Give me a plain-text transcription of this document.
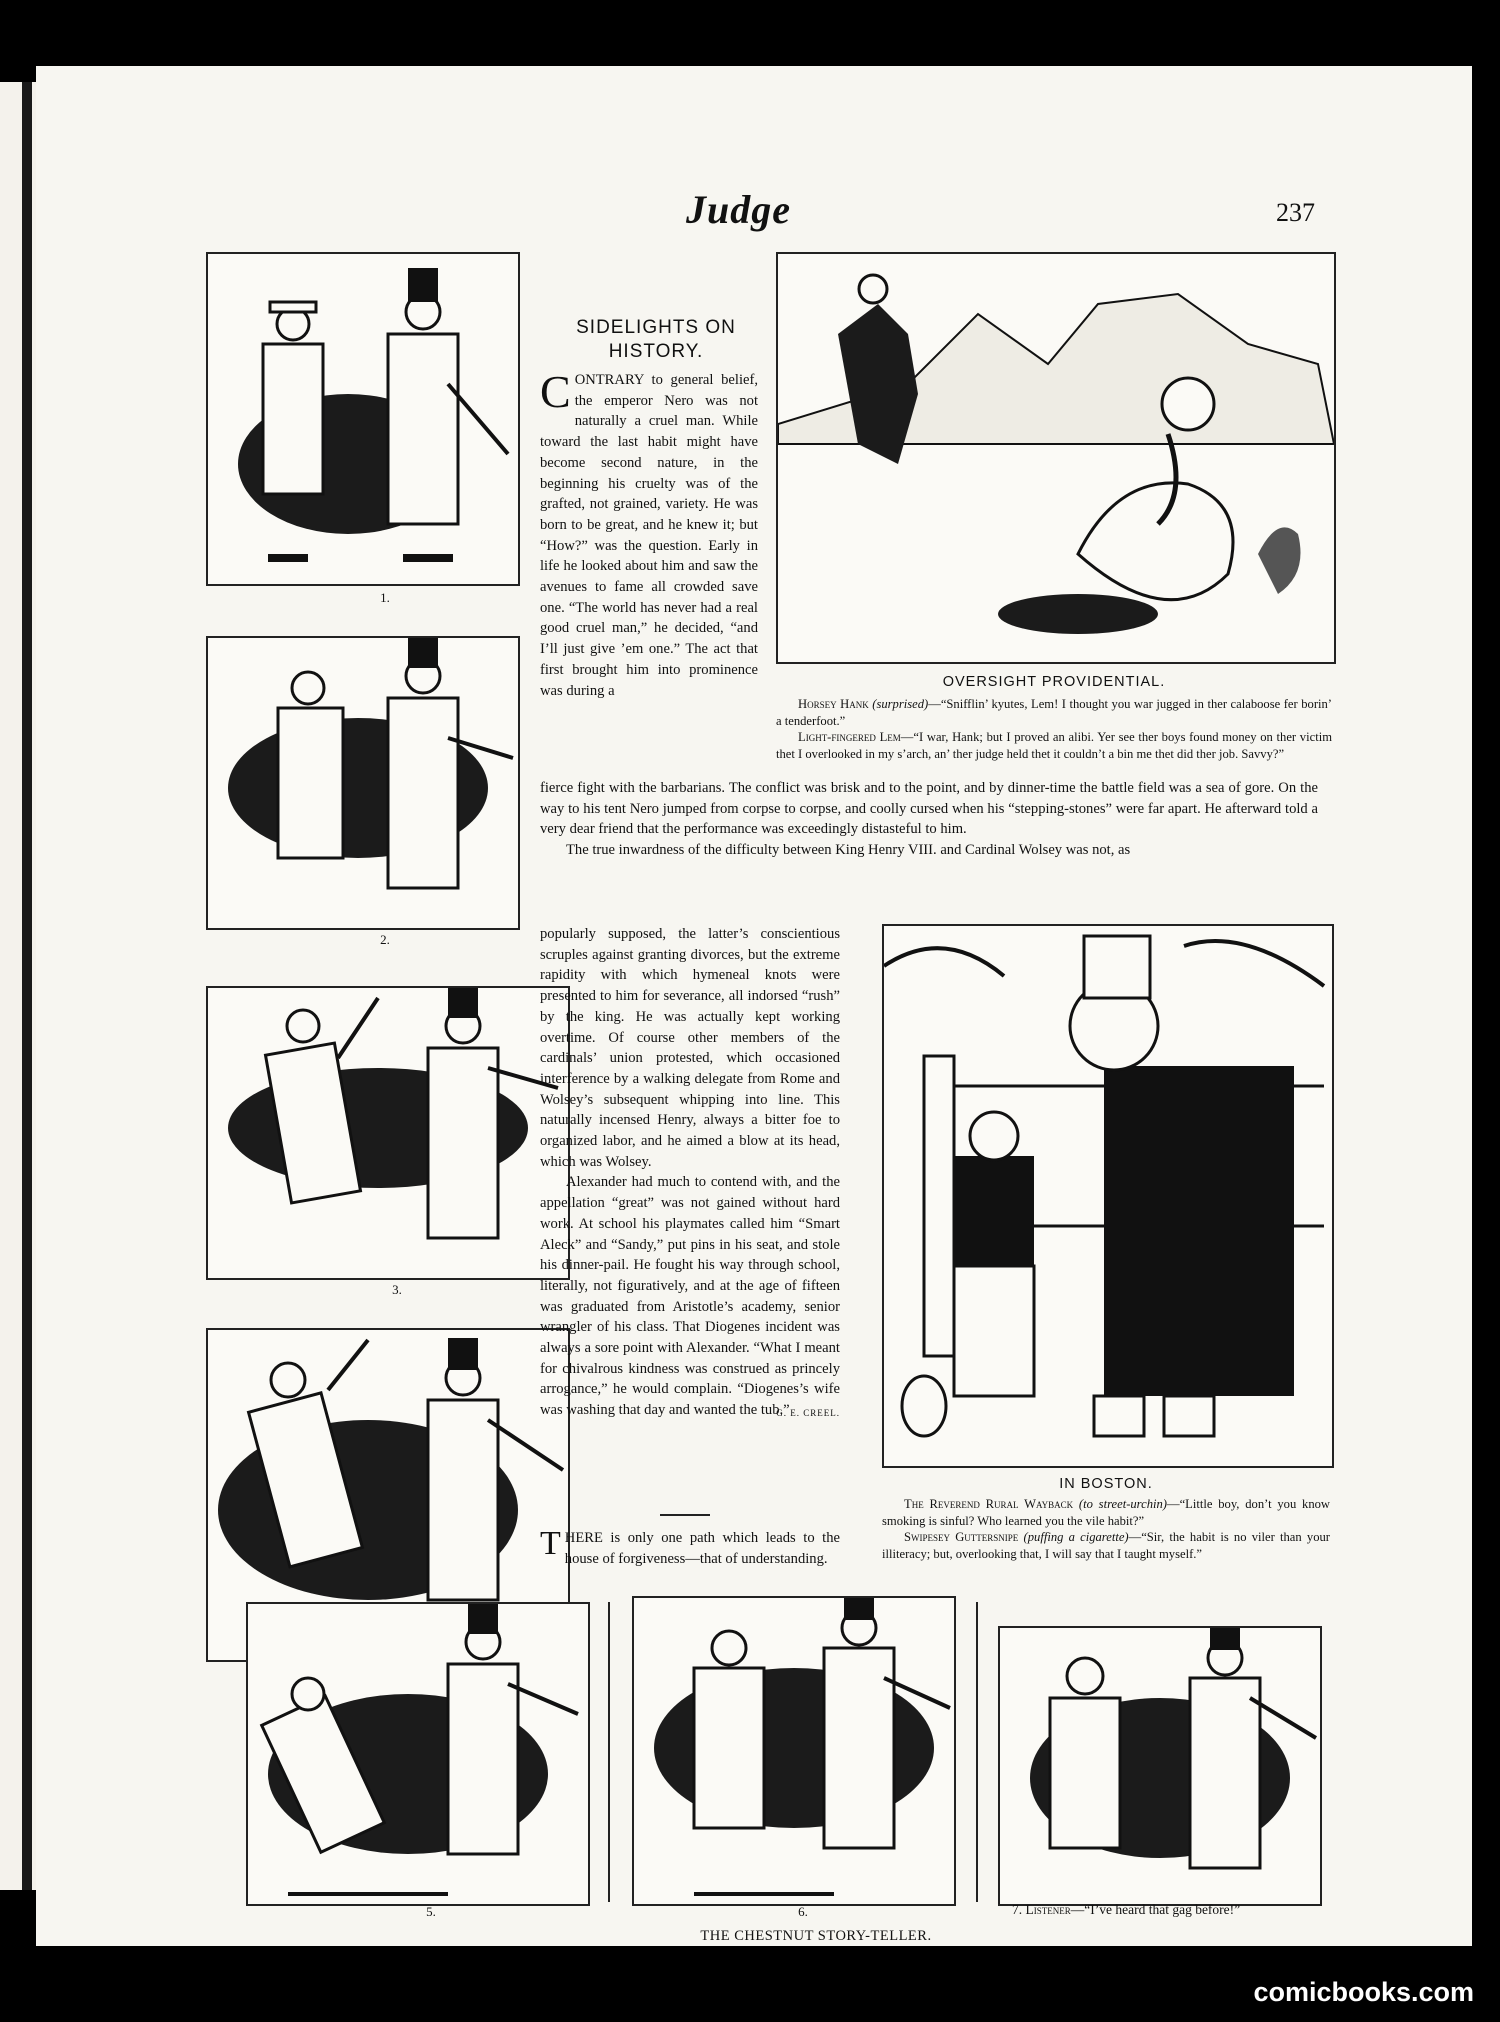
Judge	237
1.
2.
3.
SIDELIGHTS ON
HISTORY.

CONTRARY to general belief, the emperor Nero was not naturally a cruel man. While toward the last habit might have become second nature, in the beginning his cruelty was of the grafted, not grained, variety. He was born to be great, and he knew it; but “How?” was the question. Early in life he looked about him and saw the avenues to fame all crowded save one. “The world has never had a real good cruel man,” he decided, “and I’ll just give ’em one.” The act that first brought him into prominence was during a

fierce fight with the barbarians. The conflict was brisk and to the point, and by dinner-time the battle field was a sea of gore. On the way to his tent Nero jumped from corpse to corpse, and coolly cursed when his “stepping-stones” were far apart. He afterward told a very dear friend that the performance was exceedingly distasteful to him.

The true inwardness of the difficulty between King Henry VIII. and Cardinal Wolsey was not, as

popularly supposed, the latter’s conscientious scruples against granting divorces, but the extreme rapidity with which hymeneal knots were presented to him for severance, all indorsed “rush” by the king. He was actually kept working overtime. Of course other members of the cardinals’ union protested, which occasioned interference by a walking delegate from Rome and Wolsey’s subsequent whipping into line. This naturally incensed Henry, always a bitter foe to organized labor, and he aimed a blow at its head, which was Wolsey.

Alexander had much to contend with, and the appellation “great” was not gained without hard work. At school his playmates called him “Smart Aleck” and “Sandy,” put pins in his seat, and stole his dinner-pail. He fought his way through school, literally, not figuratively, and at the age of fifteen was graduated from Aristotle’s academy, senior wrangler of his class. That Diogenes incident was always a sore point with Alexander. “What I meant for chivalrous kindness was construed as princely arrogance,” he would complain. “Diogenes’s wife was washing that day and wanted the tub.”

G. E. CREEL.

THERE is only one path which leads to the house of forgiveness—that of understanding.

OVERSIGHT PROVIDENTIAL.

Horsey Hank (surprised)—“Snifflin’ kyutes, Lem! I thought you war jugged in ther calaboose fer borin’ a tenderfoot.”

Light-fingered Lem—“I war, Hank; but I proved an alibi. Yer see ther boys found money on ther victim thet I overlooked in my s’arch, an’ ther judge held thet it couldn’t a bin me thet did ther job. Savvy?”

IN BOSTON.

The Reverend Rural Wayback (to street-urchin)—“Little boy, don’t you know smoking is sinful? Who learned you the vile habit?”

Swipesey Guttersnipe (puffing a cigarette)—“Sir, the habit is no viler than your illiteracy; but, overlooking that, I will say that I taught myself.”

5.	6.	7. Listener—“I’ve heard that gag before!”
THE CHESTNUT STORY-TELLER.
comicbooks.com
